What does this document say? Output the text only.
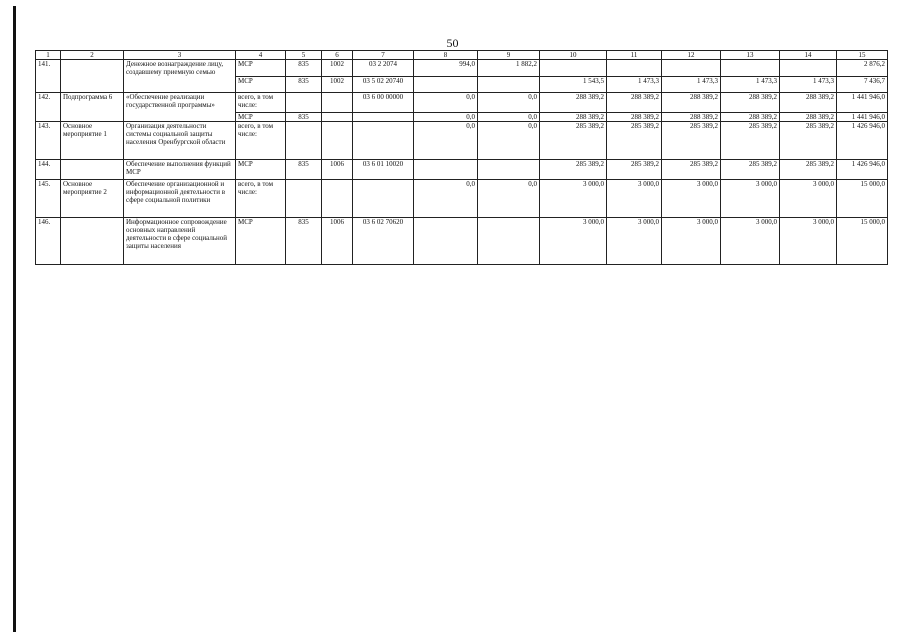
50
1	2	3	4	5	6	7	8	9	10	11	12	13	14	15
141.		Денежное вознаграждение лицу, создавшему приемную семью	МСР	835	1002	03 2 2074	994,0	1 882,2						2 876,2
			МСР	835	1002	03 5 02 20740			1 543,5	1 473,3	1 473,3	1 473,3	1 473,3	7 436,7
142.	Подпрограмма 6	«Обеспечение реализации государственной программы»	всего, в том числе:			03 6 00 00000	0,0	0,0	288 389,2	288 389,2	288 389,2	288 389,2	288 389,2	1 441 946,0
			МСР	835			0,0	0,0	288 389,2	288 389,2	288 389,2	288 389,2	288 389,2	1 441 946,0
143.	Основное мероприятие 1	Организация деятельности системы социальной защиты населения Оренбургской области	всего, в том числе:				0,0	0,0	285 389,2	285 389,2	285 389,2	285 389,2	285 389,2	1 426 946,0
144.		Обеспечение выполнения функций МСР	МСР	835	1006	03 6 01 10020			285 389,2	285 389,2	285 389,2	285 389,2	285 389,2	1 426 946,0
145.	Основное мероприятие 2	Обеспечение организационной и информационной деятельности в сфере социальной политики	всего, в том числе:				0,0	0,0	3 000,0	3 000,0	3 000,0	3 000,0	3 000,0	15 000,0
146.		Информационное сопровождение основных направлений деятельности в сфере социальной защиты населения	МСР	835	1006	03 6 02 70620			3 000,0	3 000,0	3 000,0	3 000,0	3 000,0	15 000,0
